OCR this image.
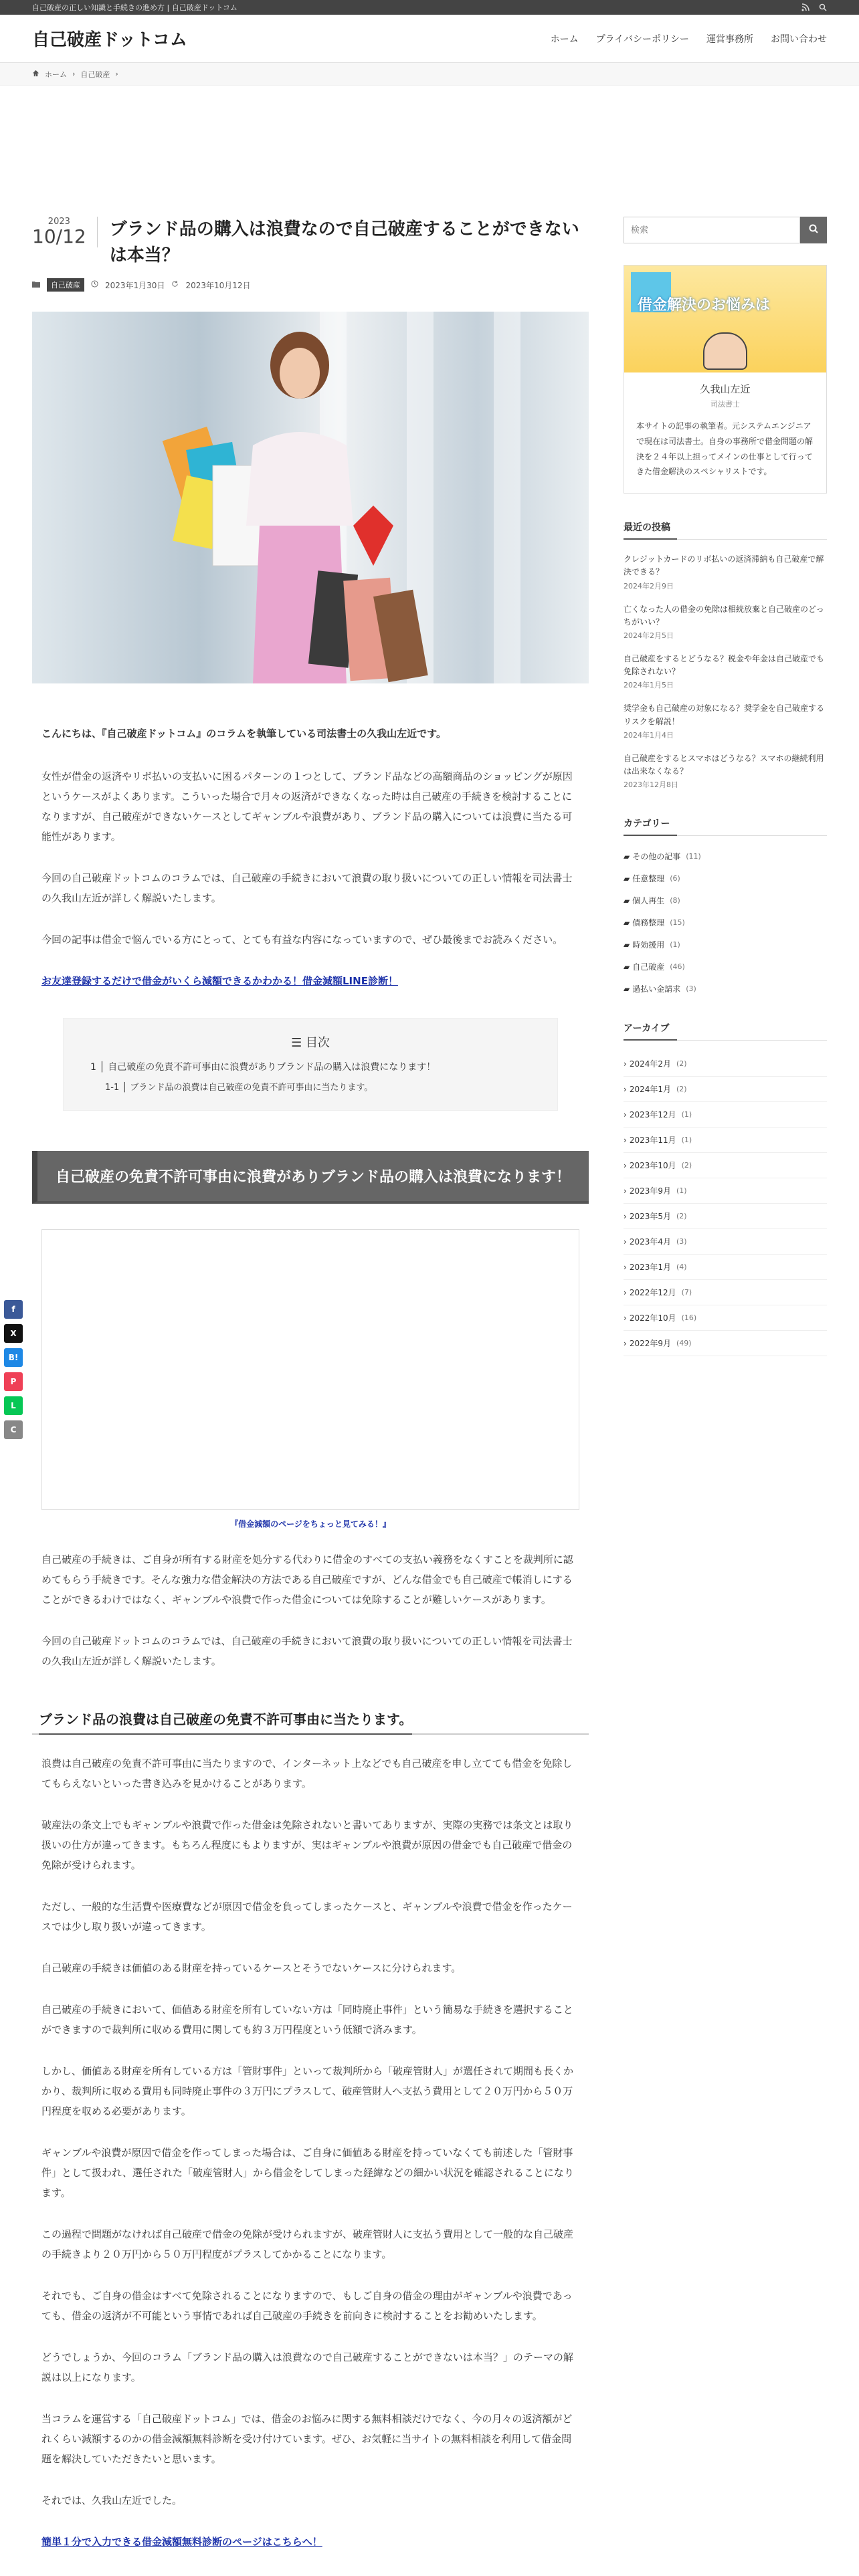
自己破産の正しい知識と手続きの進め方 | 自己破産ドットコム
自己破産ドットコム	ホーム プライバシーポリシー 運営事務所 お問い合わせ
ホーム › 自己破産 ›
f
X
B!
P
L
C
2023
10/12 ブランド品の購入は浪費なので自己破産することができないは本当？
自己破産	2023年1月30日	2023年10月12日

こんにちは、『自己破産ドットコム』のコラムを執筆している司法書士の久我山左近です。

女性が借金の返済やリボ払いの支払いに困るパターンの１つとして、ブランド品などの高額商品のショッピングが原因というケースがよくあります。こういった場合で月々の返済ができなくなった時は自己破産の手続きを検討することになりますが、自己破産ができないケースとしてギャンブルや浪費があり、ブランド品の購入については浪費に当たる可能性があります。

今回の自己破産ドットコムのコラムでは、自己破産の手続きにおいて浪費の取り扱いについての正しい情報を司法書士の久我山左近が詳しく解説いたします。

今回の記事は借金で悩んでいる方にとって、とても有益な内容になっていますので、ぜひ最後までお読みください。

お友達登録するだけで借金がいくら減額できるかわかる！借金減額LINE診断！

☰ 目次
1 │ 自己破産の免責不許可事由に浪費がありブランド品の購入は浪費になります！
1-1 │ ブランド品の浪費は自己破産の免責不許可事由に当たります。
自己破産の免責不許可事由に浪費がありブランド品の購入は浪費になります！
『借金減額のページをちょっと見てみる！』

自己破産の手続きは、ご自身が所有する財産を処分する代わりに借金のすべての支払い義務をなくすことを裁判所に認めてもらう手続きです。そんな強力な借金解決の方法である自己破産ですが、どんな借金でも自己破産で帳消しにすることができるわけではなく、ギャンブルや浪費で作った借金については免除することが難しいケースがあります。

今回の自己破産ドットコムのコラムでは、自己破産の手続きにおいて浪費の取り扱いについての正しい情報を司法書士の久我山左近が詳しく解説いたします。

ブランド品の浪費は自己破産の免責不許可事由に当たります。

浪費は自己破産の免責不許可事由に当たりますので、インターネット上などでも自己破産を申し立てても借金を免除してもらえないといった書き込みを見かけることがあります。

破産法の条文上でもギャンブルや浪費で作った借金は免除されないと書いてありますが、実際の実務では条文とは取り扱いの仕方が違ってきます。もちろん程度にもよりますが、実はギャンブルや浪費が原因の借金でも自己破産で借金の免除が受けられます。

ただし、一般的な生活費や医療費などが原因で借金を負ってしまったケースと、ギャンブルや浪費で借金を作ったケースでは少し取り扱いが違ってきます。

自己破産の手続きは価値のある財産を持っているケースとそうでないケースに分けられます。

自己破産の手続きにおいて、価値ある財産を所有していない方は「同時廃止事件」という簡易な手続きを選択することができますので裁判所に収める費用に関しても約３万円程度という低額で済みます。

しかし、価値ある財産を所有している方は「管財事件」といって裁判所から「破産管財人」が選任されて期間も長くかかり、裁判所に収める費用も同時廃止事件の３万円にプラスして、破産管財人へ支払う費用として２０万円から５０万円程度を収める必要があります。

ギャンブルや浪費が原因で借金を作ってしまった場合は、ご自身に価値ある財産を持っていなくても前述した「管財事件」として扱われ、選任された「破産管財人」から借金をしてしまった経緯などの細かい状況を確認されることになります。

この過程で問題がなければ自己破産で借金の免除が受けられますが、破産管財人に支払う費用として一般的な自己破産の手続きより２０万円から５０万円程度がプラスしてかかることになります。

それでも、ご自身の借金はすべて免除されることになりますので、もしご自身の借金の理由がギャンブルや浪費であっても、借金の返済が不可能という事情であれば自己破産の手続きを前向きに検討することをお勧めいたします。

どうでしょうか、今回のコラム「ブランド品の購入は浪費なので自己破産することができないは本当？」のテーマの解説は以上になります。

当コラムを運営する「自己破産ドットコム」では、借金のお悩みに関する無料相談だけでなく、今の月々の返済額がどれくらい減額するのかの借金減額無料診断を受け付けています。ぜひ、お気軽に当サイトの無料相談を利用して借金問題を解決していただきたいと思います。

それでは、久我山左近でした。

簡単１分で入力できる借金減額無料診断のページはこちらへ！

検索
借金解決のお悩みは
久我山左近
司法書士
本サイトの記事の執筆者。元システムエンジニアで現在は司法書士。自身の事務所で借金問題の解決を２４年以上担ってメインの仕事として行ってきた借金解決のスペシャリストです。
最近の投稿
クレジットカードのリボ払いの返済滞納も自己破産で解決できる？
2024年2月9日
亡くなった人の借金の免除は相続放棄と自己破産のどっちがいい？
2024年2月5日
自己破産をするとどうなる？税金や年金は自己破産でも免除されない？
2024年1月5日
奨学金も自己破産の対象になる？奨学金を自己破産するリスクを解説！
2024年1月4日
自己破産をするとスマホはどうなる？スマホの継続利用は出来なくなる？
2023年12月8日
カテゴリー
▰ その他の記事 (11)
▰ 任意整理 (6)
▰ 個人再生 (8)
▰ 債務整理 (15)
▰ 時効援用 (1)
▰ 自己破産 (46)
▰ 過払い金請求 (3)
アーカイブ
› 2024年2月 (2)
› 2024年1月 (2)
› 2023年12月 (1)
› 2023年11月 (1)
› 2023年10月 (2)
› 2023年9月 (1)
› 2023年5月 (2)
› 2023年4月 (3)
› 2023年1月 (4)
› 2022年12月 (7)
› 2022年10月 (16)
› 2022年9月 (49)
